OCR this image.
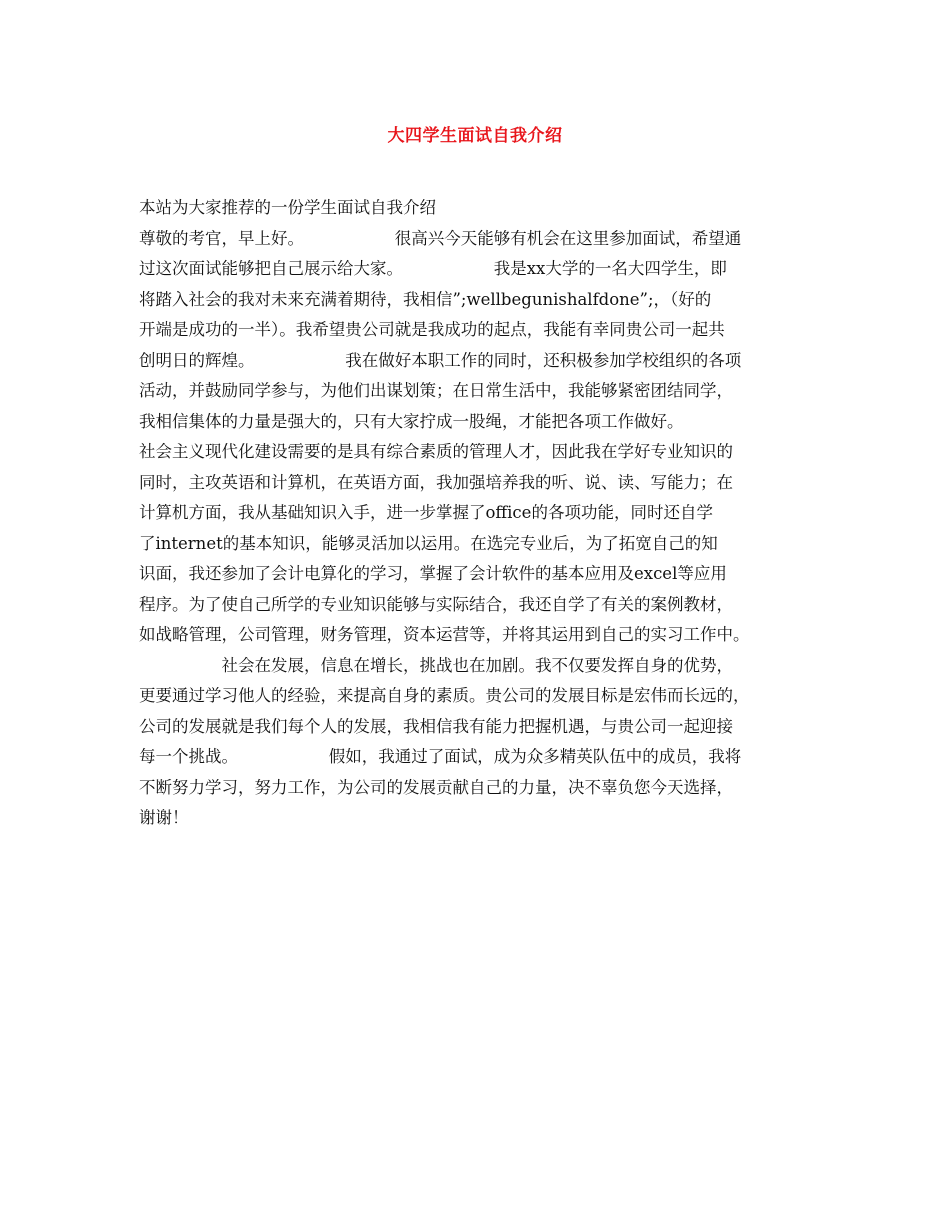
大四学生面试自我介绍
本站为大家推荐的一份学生面试自我介绍
尊敬的考官，早上好。　　　　　　很高兴今天能够有机会在这里参加面试，希望通
过这次面试能够把自己展示给大家。　　　　　　我是xx大学的一名大四学生，即
将踏入社会的我对未来充满着期待，我相信”;wellbegunishalfdone”;，（好的
开端是成功的一半）。我希望贵公司就是我成功的起点，我能有幸同贵公司一起共
创明日的辉煌。　　　　　　我在做好本职工作的同时，还积极参加学校组织的各项
活动，并鼓励同学参与，为他们出谋划策；在日常生活中，我能够紧密团结同学，
我相信集体的力量是强大的，只有大家拧成一股绳，才能把各项工作做好。
社会主义现代化建设需要的是具有综合素质的管理人才，因此我在学好专业知识的
同时，主攻英语和计算机，在英语方面，我加强培养我的听、说、读、写能力；在
计算机方面，我从基础知识入手，进一步掌握了office的各项功能，同时还自学
了internet的基本知识，能够灵活加以运用。在选完专业后，为了拓宽自己的知
识面，我还参加了会计电算化的学习，掌握了会计软件的基本应用及excel等应用
程序。为了使自己所学的专业知识能够与实际结合，我还自学了有关的案例教材，
如战略管理，公司管理，财务管理，资本运营等，并将其运用到自己的实习工作中。
　　　　　社会在发展，信息在增长，挑战也在加剧。我不仅要发挥自身的优势，
更要通过学习他人的经验，来提高自身的素质。贵公司的发展目标是宏伟而长远的，
公司的发展就是我们每个人的发展，我相信我有能力把握机遇，与贵公司一起迎接
每一个挑战。　　　　　　假如，我通过了面试，成为众多精英队伍中的成员，我将
不断努力学习，努力工作，为公司的发展贡献自己的力量，决不辜负您今天选择，
谢谢！
